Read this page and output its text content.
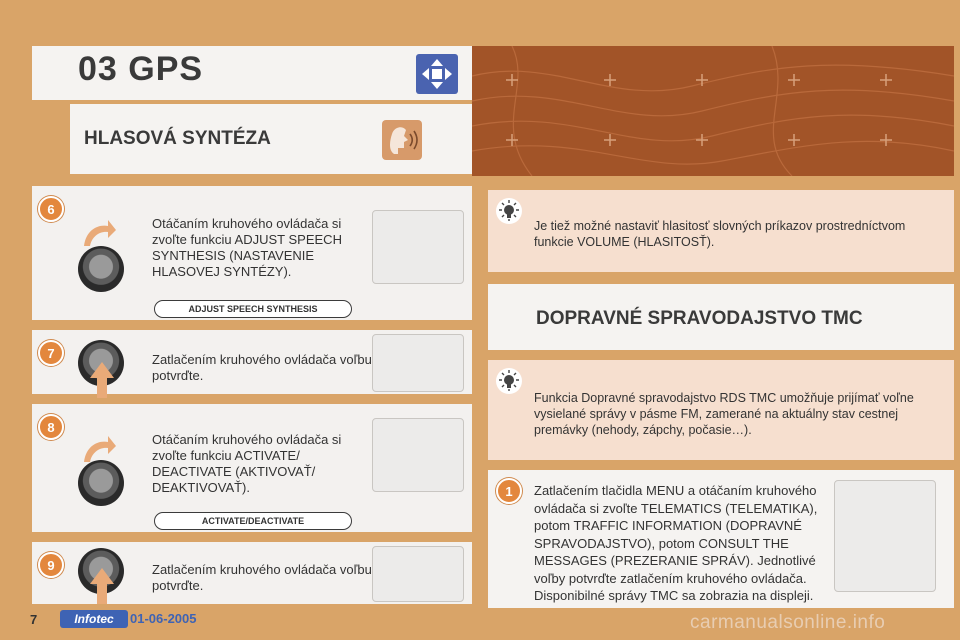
03 GPS
HLASOVÁ SYNTÉZA
6
Otáčaním kruhového ovládača si zvoľte funkciu ADJUST SPEECH SYNTHESIS (NASTAVENIE HLASOVEJ SYNTÉZY).
ADJUST SPEECH SYNTHESIS
7	Zatlačením kruhového ovládača voľbu potvrďte.
8
Otáčaním kruhového ovládača si zvoľte funkciu ACTIVATE/ DEACTIVATE (AKTIVOVAŤ/ DEAKTIVOVAŤ).
ACTIVATE/DEACTIVATE
9	Zatlačením kruhového ovládača voľbu potvrďte.
Je tiež možné nastaviť hlasitosť slovných príkazov prostredníctvom funkcie VOLUME (HLASITOSŤ).
DOPRAVNÉ SPRAVODAJSTVO TMC
Funkcia Dopravné spravodajstvo RDS TMC umožňuje prijímať voľne vysielané správy v pásme FM, zamerané na aktuálny stav cestnej premávky (nehody, zápchy, počasie…).
1	Zatlačením tlačidla MENU a otáčaním kruhového ovládača si zvoľte TELEMATICS (TELEMATIKA), potom TRAFFIC INFORMATION (DOPRAVNÉ SPRAVODAJSTVO), potom CONSULT THE MESSAGES (PREZERANIE SPRÁV). Jednotlivé voľby potvrďte zatlačením kruhového ovládača. Disponibilné správy TMC sa zobrazia na displeji.
7	Infotec	01-06-2005	carmanualsonline.info
